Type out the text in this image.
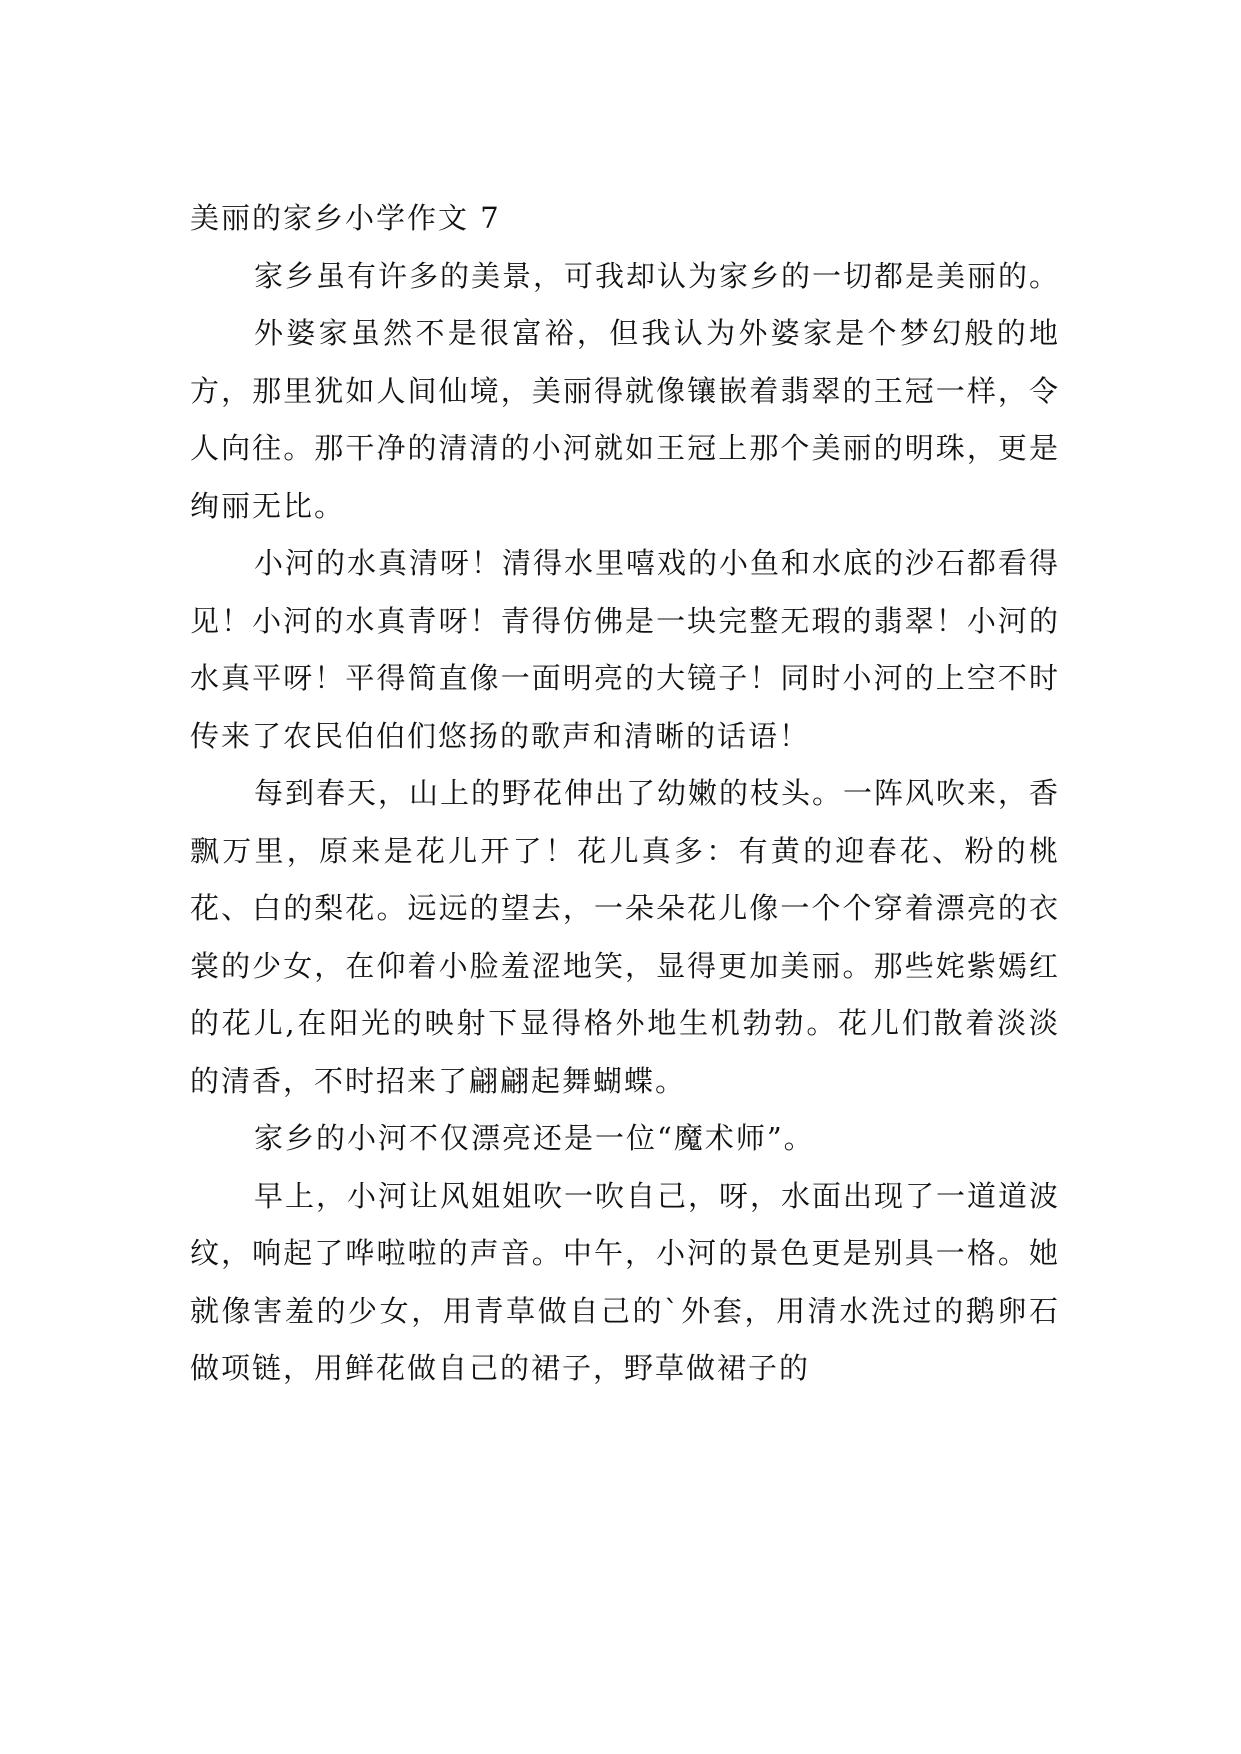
美丽的家乡小学作文 7

家乡虽有许多的美景，可我却认为家乡的一切都是美丽的。

外婆家虽然不是很富裕，但我认为外婆家是个梦幻般的地方，那里犹如人间仙境，美丽得就像镶嵌着翡翠的王冠一样，令人向往。那干净的清清的小河就如王冠上那个美丽的明珠，更是绚丽无比。

小河的水真清呀！清得水里嘻戏的小鱼和水底的沙石都看得见！小河的水真青呀！青得仿佛是一块完整无瑕的翡翠！小河的水真平呀！平得简直像一面明亮的大镜子！同时小河的上空不时传来了农民伯伯们悠扬的歌声和清晰的话语！

每到春天，山上的野花伸出了幼嫩的枝头。一阵风吹来，香飘万里，原来是花儿开了！花儿真多：有黄的迎春花、粉的桃花、白的梨花。远远的望去，一朵朵花儿像一个个穿着漂亮的衣裳的少女，在仰着小脸羞涩地笑，显得更加美丽。那些姹紫嫣红的花儿,在阳光的映射下显得格外地生机勃勃。花儿们散着淡淡的清香，不时招来了翩翩起舞蝴蝶。

家乡的小河不仅漂亮还是一位“魔术师”。

早上，小河让风姐姐吹一吹自己，呀，水面出现了一道道波纹，响起了哗啦啦的声音。中午，小河的景色更是别具一格。她就像害羞的少女，用青草做自己的`外套，用清水洗过的鹅卵石做项链，用鲜花做自己的裙子，野草做裙子的
